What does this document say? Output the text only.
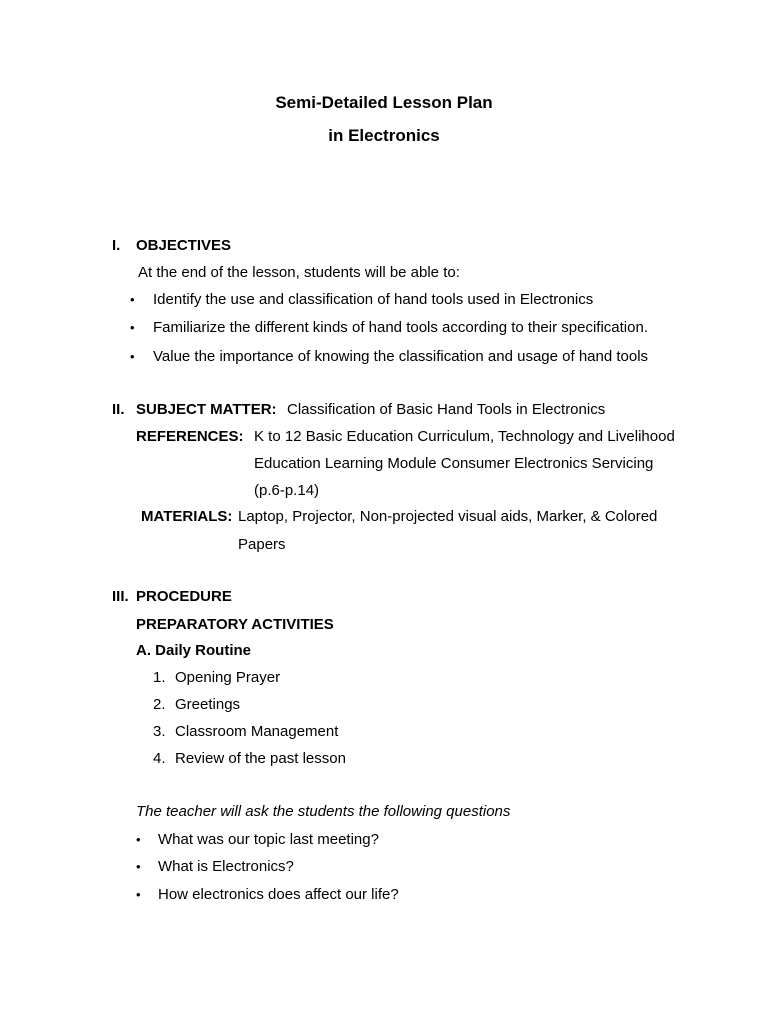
Semi-Detailed Lesson Plan
in Electronics
I. OBJECTIVES
At the end of the lesson, students will be able to:
• Identify the use and classification of hand tools used in Electronics
• Familiarize the different kinds of hand tools according to their specification.
• Value the importance of knowing the classification and usage of hand tools
II. SUBJECT MATTER: Classification of Basic Hand Tools in Electronics
REFERENCES: K to 12 Basic Education Curriculum, Technology and Livelihood
Education Learning Module Consumer Electronics Servicing
(p.6-p.14)
MATERIALS: Laptop, Projector, Non-projected visual aids, Marker, & Colored
Papers
III. PROCEDURE
PREPARATORY ACTIVITIES
A. Daily Routine
1. Opening Prayer
2. Greetings
3. Classroom Management
4. Review of the past lesson
The teacher will ask the students the following questions
• What was our topic last meeting?
• What is Electronics?
• How electronics does affect our life?
